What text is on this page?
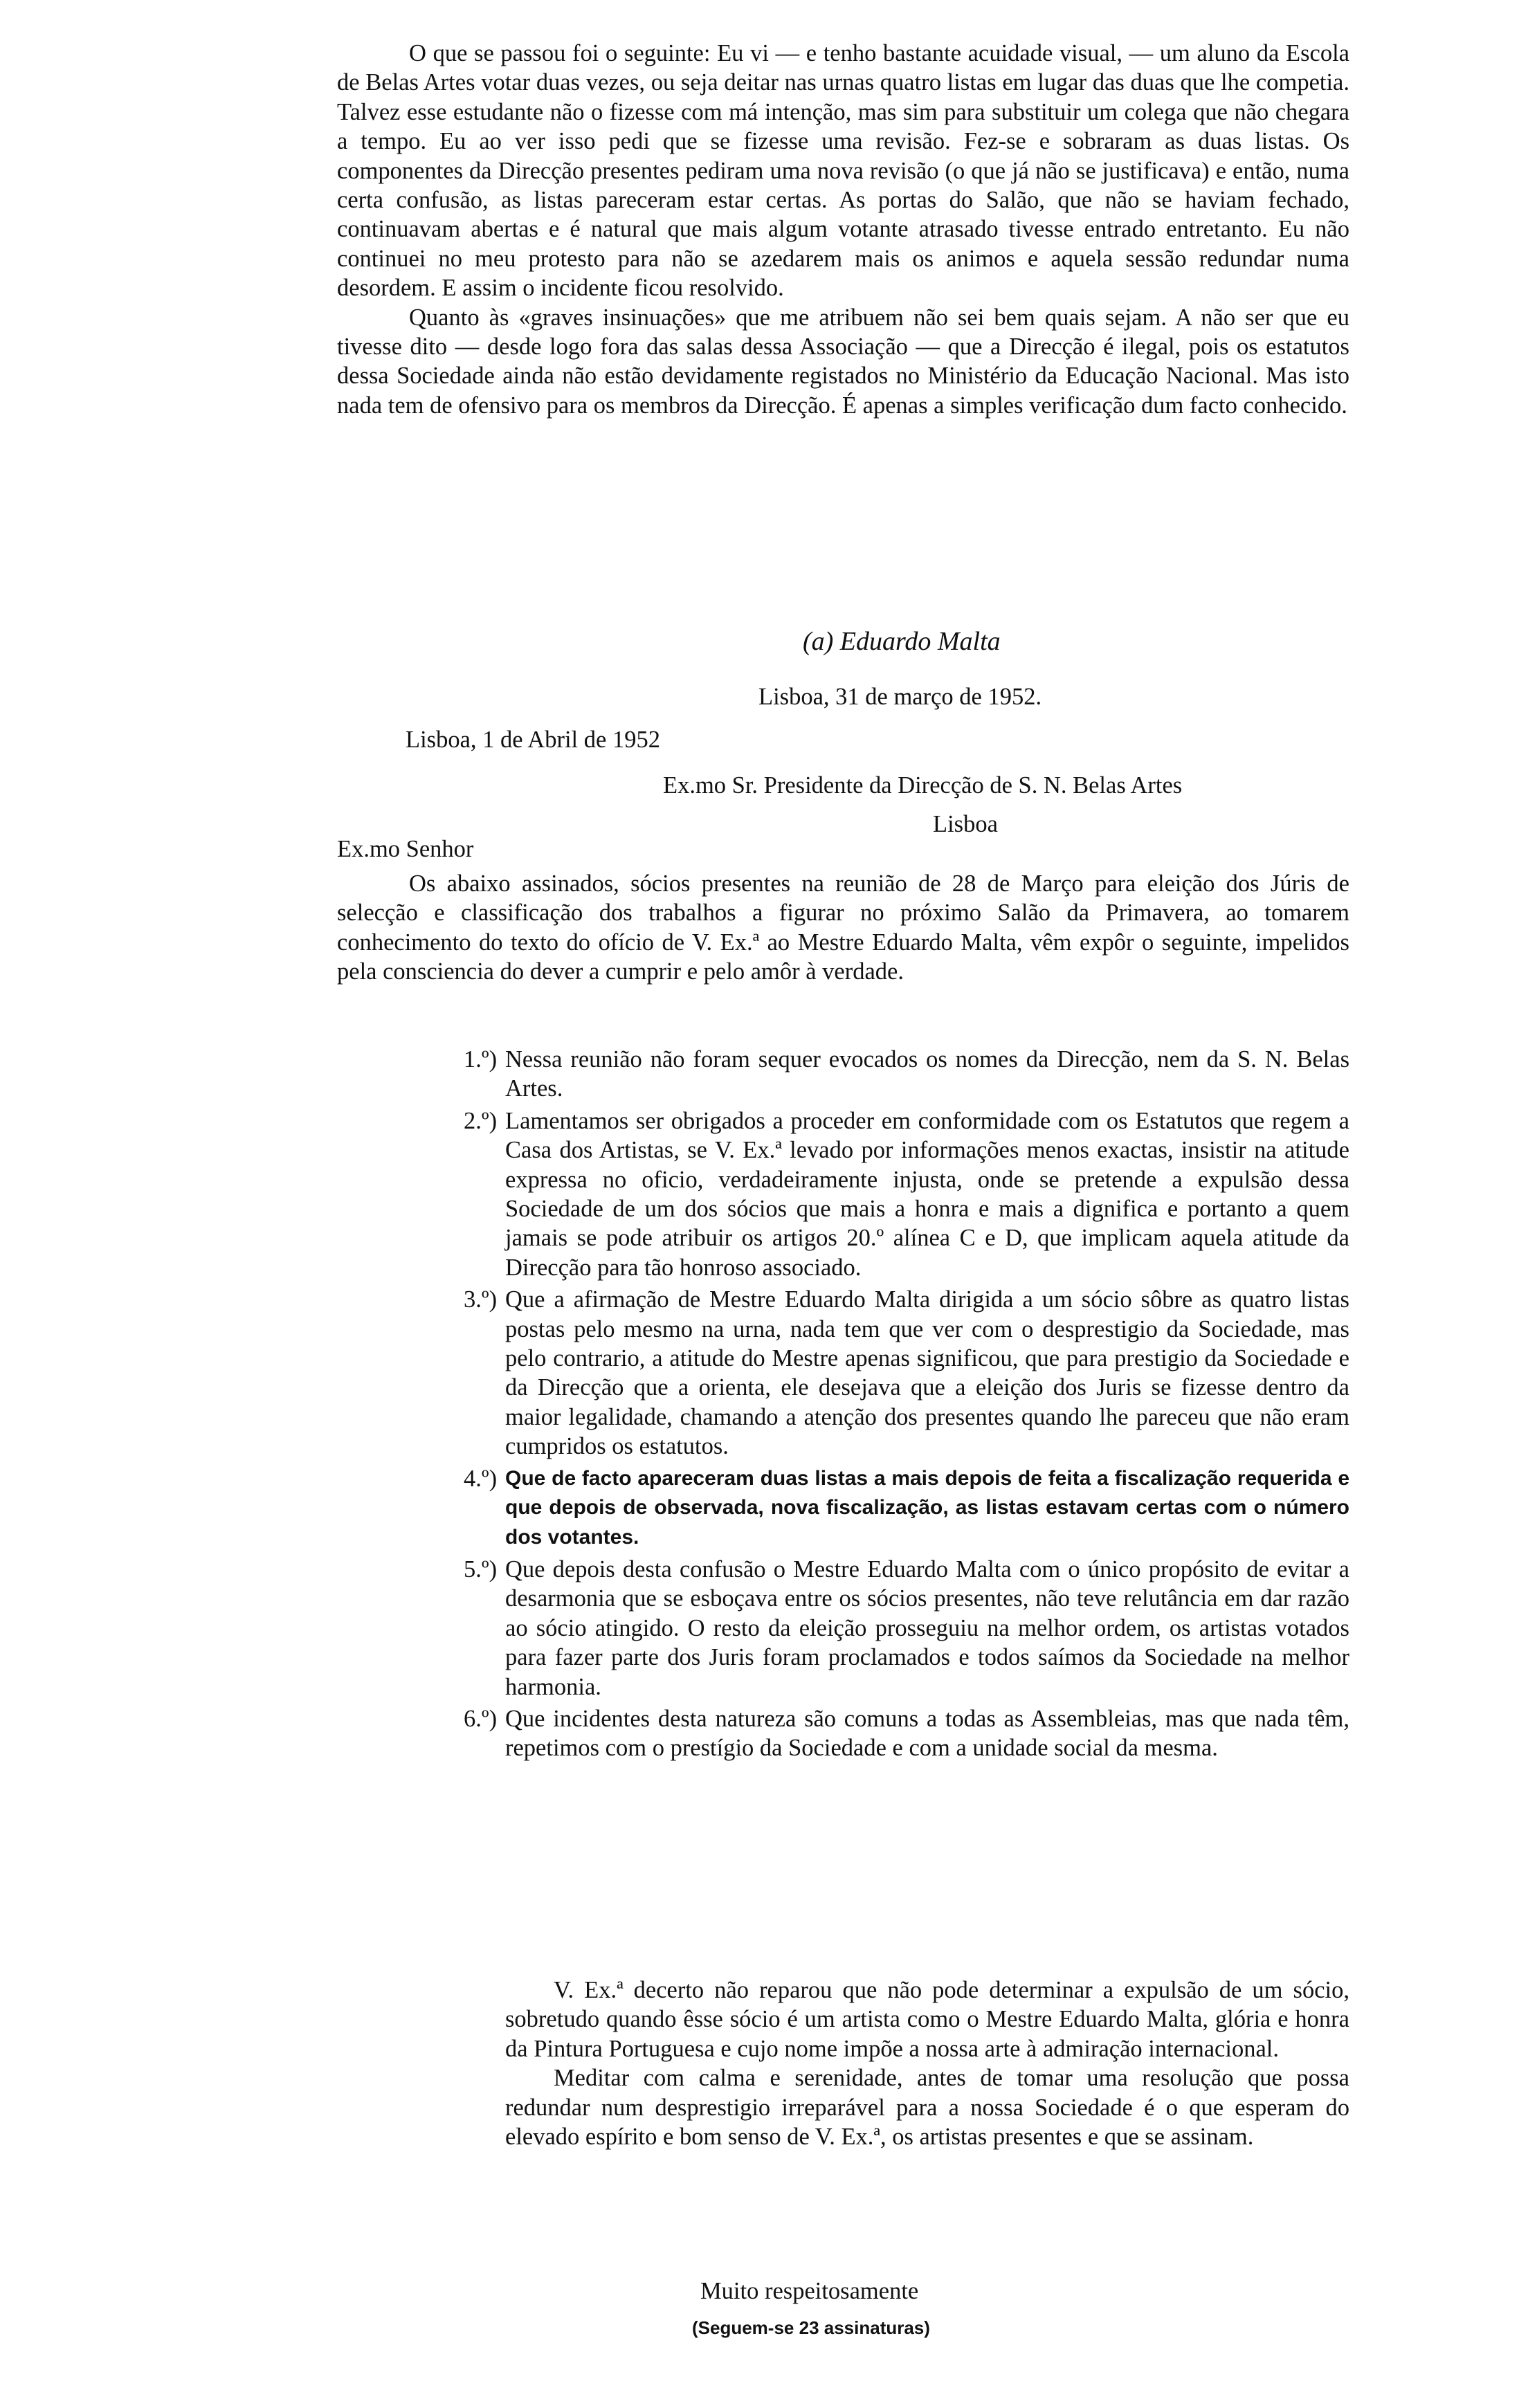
O que se passou foi o seguinte: Eu vi — e tenho bastante acuidade visual, — um aluno da Escola de Belas Artes votar duas vezes, ou seja deitar nas urnas quatro listas em lugar das duas que lhe competia. Talvez esse estudante não o fizesse com má intenção, mas sim para substituir um colega que não chegara a tempo. Eu ao ver isso pedi que se fizesse uma revisão. Fez-se e sobraram as duas listas. Os componentes da Direcção presentes pediram uma nova revisão (o que já não se justificava) e então, numa certa confusão, as listas pareceram estar certas. As portas do Salão, que não se haviam fechado, continuavam abertas e é natural que mais algum votante atrasado tivesse entrado entretanto. Eu não continuei no meu protesto para não se azedarem mais os animos e aquela sessão redundar numa desordem. E assim o incidente ficou resolvido.

Quanto às «graves insinuações» que me atribuem não sei bem quais sejam. A não ser que eu tivesse dito — desde logo fora das salas dessa Associação — que a Direcção é ilegal, pois os estatutos dessa Sociedade ainda não estão devidamente registados no Ministério da Educação Nacional. Mas isto nada tem de ofensivo para os membros da Direcção. É apenas a simples verificação dum facto conhecido.

(a) Eduardo Malta
Lisboa, 31 de março de 1952.
Lisboa, 1 de Abril de 1952
Ex.mo Sr. Presidente da Direcção de S. N. Belas Artes
Lisboa
Ex.mo Senhor

Os abaixo assinados, sócios presentes na reunião de 28 de Março para eleição dos Júris de selecção e classificação dos trabalhos a figurar no próximo Salão da Primavera, ao tomarem conhecimento do texto do ofício de V. Ex.ª ao Mestre Eduardo Malta, vêm expôr o seguinte, impelidos pela consciencia do dever a cumprir e pelo amôr à verdade.

1.º) Nessa reunião não foram sequer evocados os nomes da Direcção, nem da S. N. Belas Artes.
2.º) Lamentamos ser obrigados a proceder em conformidade com os Estatutos que regem a Casa dos Artistas, se V. Ex.ª levado por informações menos exactas, insistir na atitude expressa no oficio, verdadeiramente injusta, onde se pretende a expulsão dessa Sociedade de um dos sócios que mais a honra e mais a dignifica e portanto a quem jamais se pode atribuir os artigos 20.º alínea C e D, que implicam aquela atitude da Direcção para tão honroso associado.
3.º) Que a afirmação de Mestre Eduardo Malta dirigida a um sócio sôbre as quatro listas postas pelo mesmo na urna, nada tem que ver com o desprestigio da Sociedade, mas pelo contrario, a atitude do Mestre apenas significou, que para prestigio da Sociedade e da Direcção que a orienta, ele desejava que a eleição dos Juris se fizesse dentro da maior legalidade, chamando a atenção dos presentes quando lhe pareceu que não eram cumpridos os estatutos.
4.º) Que de facto apareceram duas listas a mais depois de feita a fiscalização requerida e que depois de observada, nova fiscalização, as listas estavam certas com o número dos votantes.
5.º) Que depois desta confusão o Mestre Eduardo Malta com o único propósito de evitar a desarmonia que se esboçava entre os sócios presentes, não teve relutância em dar razão ao sócio atingido. O resto da eleição prosseguiu na melhor ordem, os artistas votados para fazer parte dos Juris foram proclamados e todos saímos da Sociedade na melhor harmonia.
6.º) Que incidentes desta natureza são comuns a todas as Assembleias, mas que nada têm, repetimos com o prestígio da Sociedade e com a unidade social da mesma.

V. Ex.ª decerto não reparou que não pode determinar a expulsão de um sócio, sobretudo quando êsse sócio é um artista como o Mestre Eduardo Malta, glória e honra da Pintura Portuguesa e cujo nome impõe a nossa arte à admiração internacional.

Meditar com calma e serenidade, antes de tomar uma resolução que possa redundar num desprestigio irreparável para a nossa Sociedade é o que esperam do elevado espírito e bom senso de V. Ex.ª, os artistas presentes e que se assinam.

Muito respeitosamente
(Seguem-se 23 assinaturas)
